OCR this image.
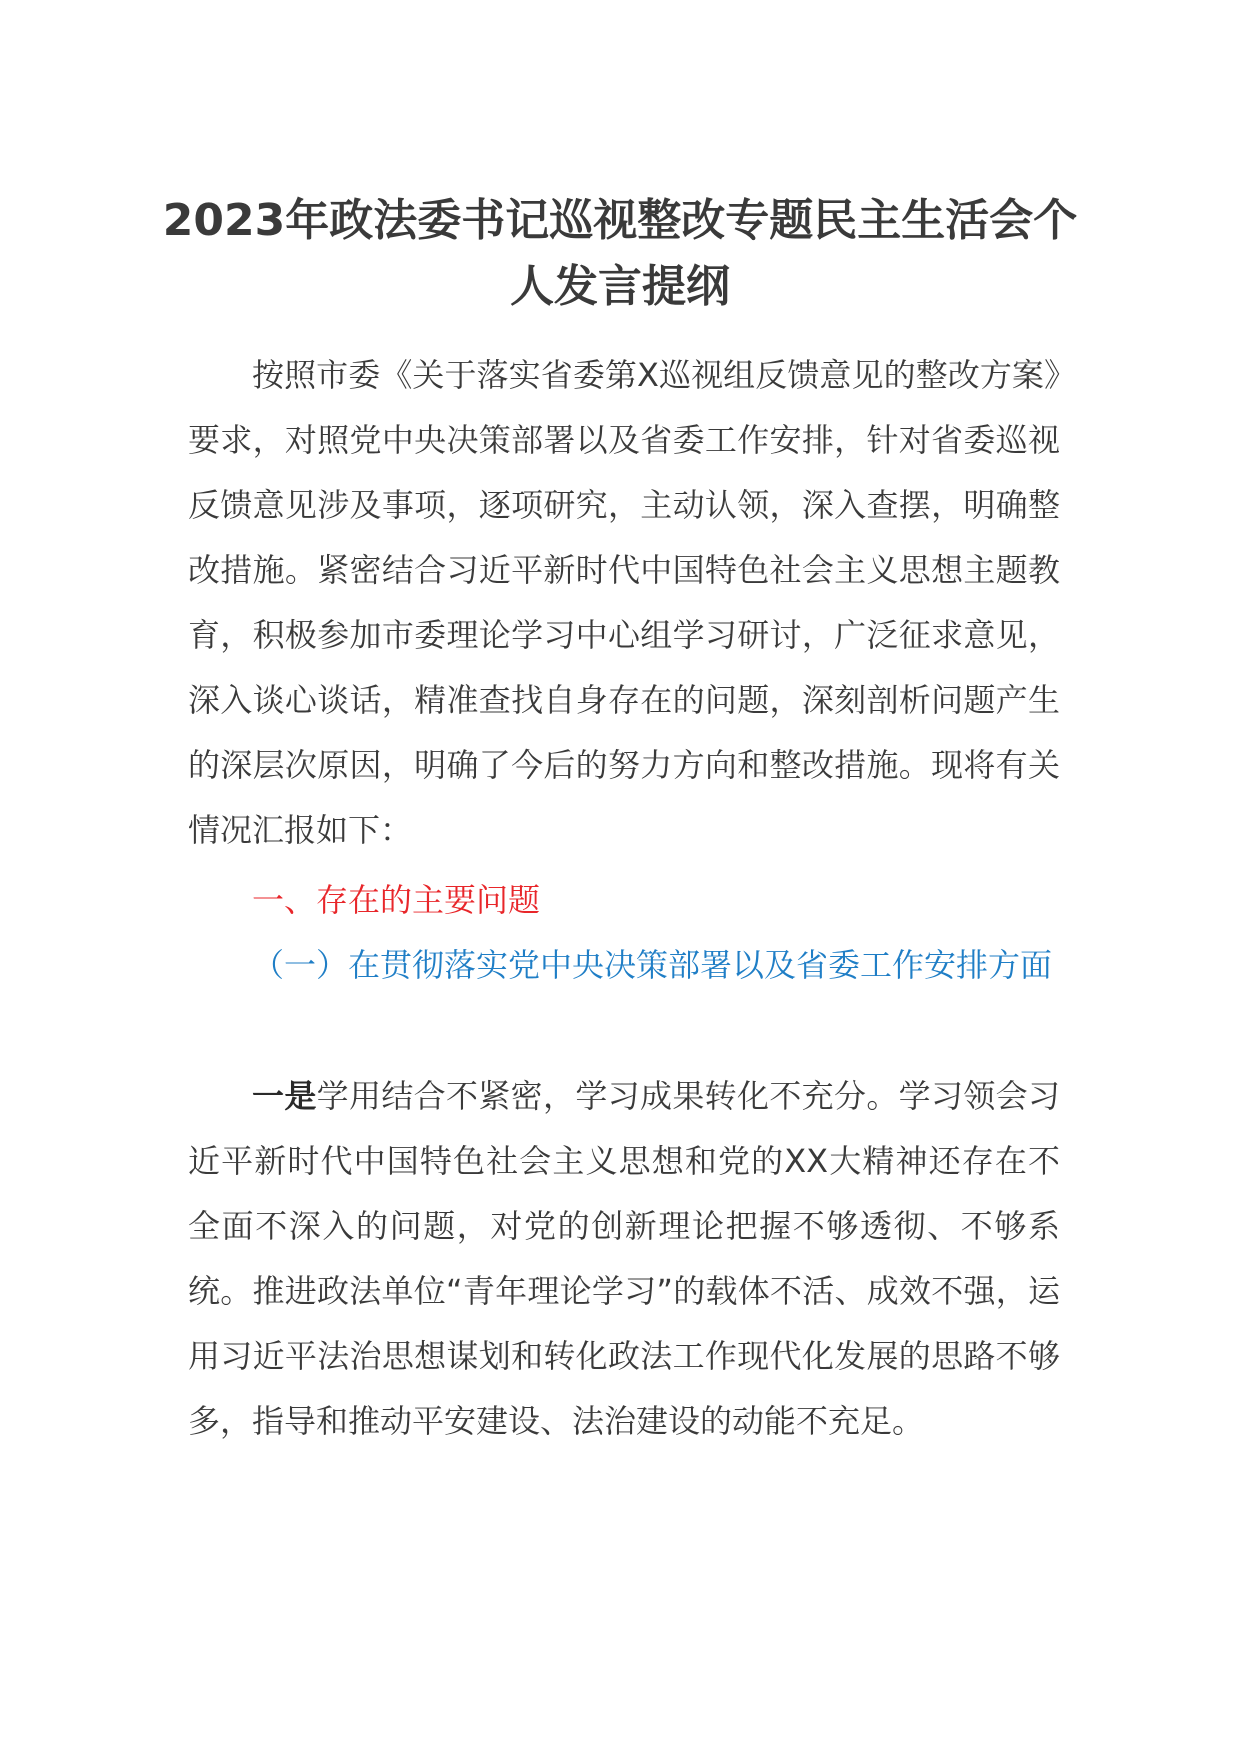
2023年政法委书记巡视整改专题民主生活会个人发言提纲

按照市委《关于落实省委第X巡视组反馈意见的整改方案》要求，对照党中央决策部署以及省委工作安排，针对省委巡视反馈意见涉及事项，逐项研究，主动认领，深入查摆，明确整改措施。紧密结合习近平新时代中国特色社会主义思想主题教育，积极参加市委理论学习中心组学习研讨，广泛征求意见，深入谈心谈话，精准查找自身存在的问题，深刻剖析问题产生的深层次原因，明确了今后的努力方向和整改措施。现将有关情况汇报如下：

一、存在的主要问题

（一）在贯彻落实党中央决策部署以及省委工作安排方面

一是学用结合不紧密，学习成果转化不充分。学习领会习近平新时代中国特色社会主义思想和党的XX大精神还存在不全面不深入的问题，对党的创新理论把握不够透彻、不够系统。推进政法单位“青年理论学习”的载体不活、成效不强，运用习近平法治思想谋划和转化政法工作现代化发展的思路不够多，指导和推动平安建设、法治建设的动能不充足。
